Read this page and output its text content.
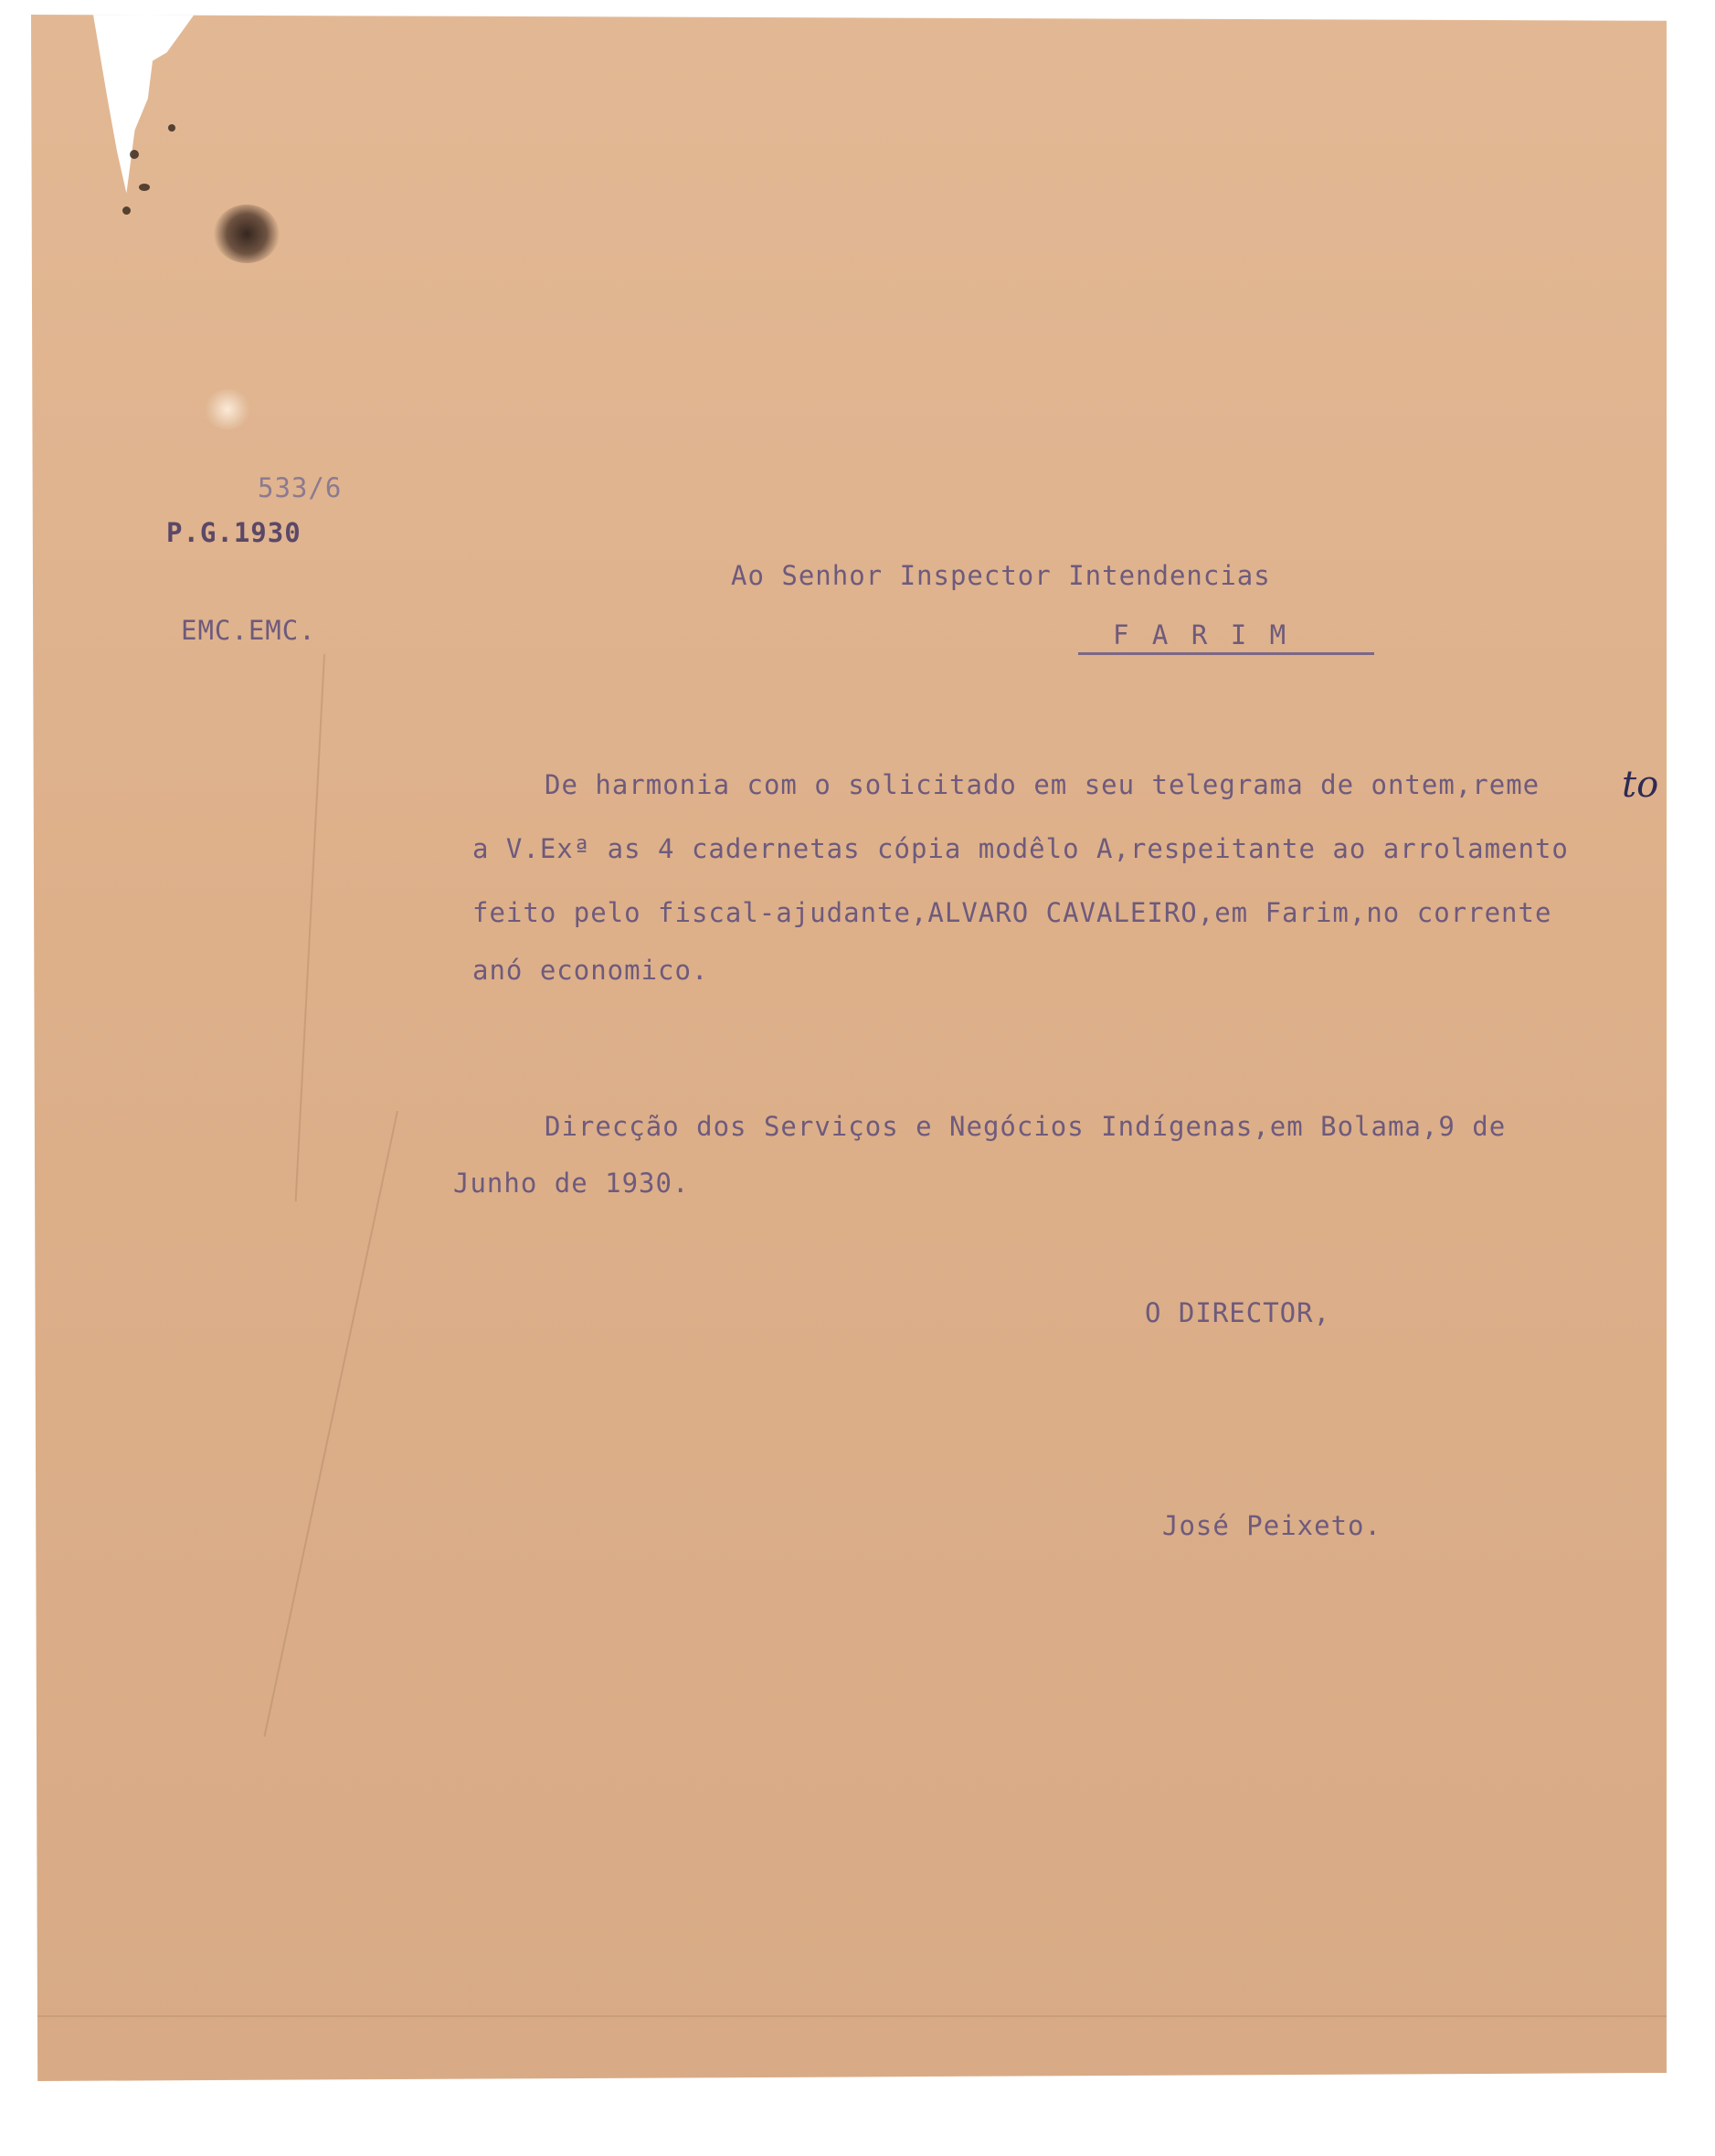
533/6

P.G.1930

EMC.EMC.

Ao Senhor Inspector Intendencias

F A R I M

De harmonia com o solicitado em seu telegrama de ontem,reme to

a V.Exª as 4 cadernetas cópia modêlo A,respeitante ao arrolamento

feito pelo fiscal-ajudante,ALVARO CAVALEIRO,em Farim,no corrente

anó economico.

Direcção dos Serviços e Negócios Indígenas,em Bolama,9 de

Junho de 1930.

O DIRECTOR,

José Peixeto.
